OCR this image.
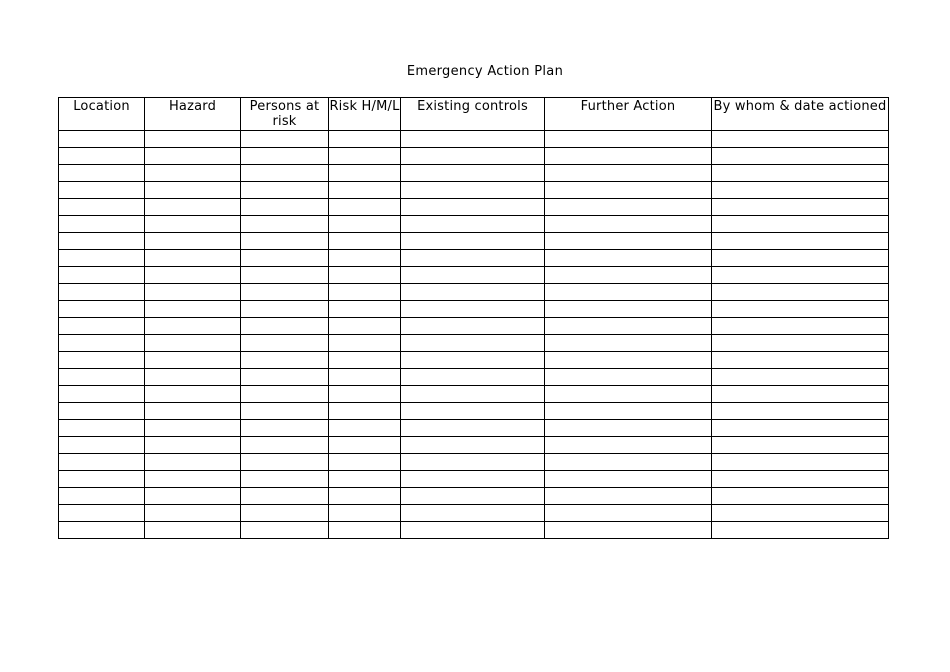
Emergency Action Plan
Location	Hazard	Persons at risk	Risk H/M/L	Existing controls	Further Action	By whom & date actioned
